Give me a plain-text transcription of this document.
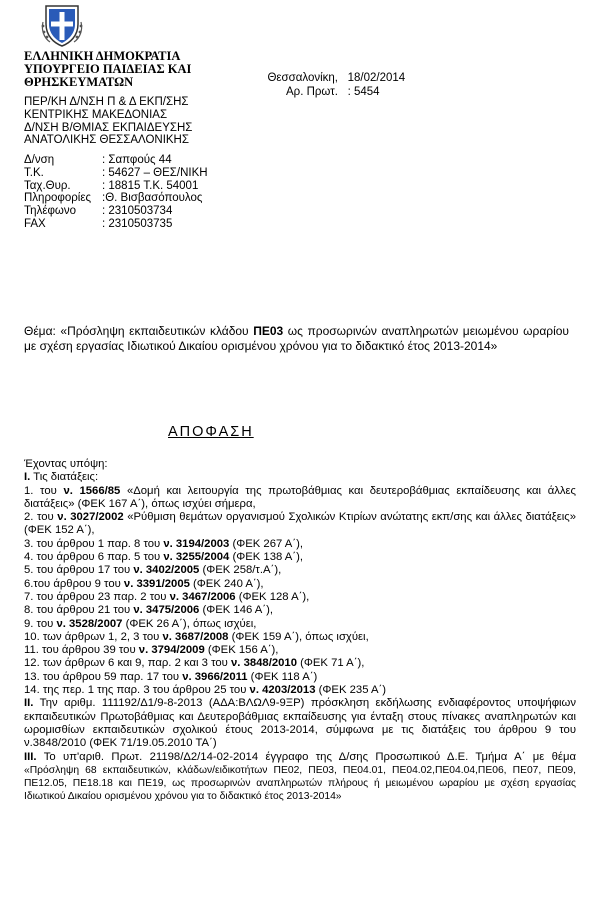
ΕΛΛΗΝΙΚΗ ΔΗΜΟΚΡΑΤΙΑ
ΥΠΟΥΡΓΕΙΟ ΠΑΙΔΕΙΑΣ ΚΑΙ
ΘΡΗΣΚΕΥΜΑΤΩΝ
ΠΕΡ/ΚΗ Δ/ΝΣΗ Π & Δ ΕΚΠ/ΣΗΣ
ΚΕΝΤΡΙΚΗΣ ΜΑΚΕΔΟΝΙΑΣ
Δ/ΝΣΗ Β/ΘΜΙΑΣ ΕΚΠΑΙΔΕΥΣΗΣ
ΑΝΑΤΟΛΙΚΗΣ ΘΕΣΣΑΛΟΝΙΚΗΣ
Δ/νση	: Σαπφούς 44
Τ.Κ.	: 54627 – ΘΕΣ/ΝΙΚΗ
Ταχ.Θυρ.	: 18815 Τ.Κ. 54001
Πληροφορίες :Θ. Βισβασόπουλος
Τηλέφωνο : 2310503734
FAX	: 2310503735
Θεσσαλονίκη, 18/02/2014
Αρ. Πρωτ. : 5454
Θέμα: «Πρόσληψη εκπαιδευτικών κλάδου ΠΕ03 ως προσωρινών αναπληρωτών μειωμένου ωραρίου με σχέση εργασίας Ιδιωτικού Δικαίου ορισμένου χρόνου για το διδακτικό έτος 2013-2014»
ΑΠΟΦΑΣΗ

Έχοντας υπόψη:

Ι. Τις διατάξεις:

1. του ν. 1566/85 «Δομή και λειτουργία της πρωτοβάθμιας και δευτεροβάθμιας εκπαίδευσης και άλλες διατάξεις» (ΦΕΚ 167 Α΄), όπως ισχύει σήμερα,

2. του ν. 3027/2002 «Ρύθμιση θεμάτων οργανισμού Σχολικών Κτιρίων ανώτατης εκπ/σης και άλλες διατάξεις» (ΦΕΚ 152 Α΄),

3. του άρθρου 1 παρ. 8 του ν. 3194/2003 (ΦΕΚ 267 Α΄),

4. του άρθρου 6 παρ. 5 του ν. 3255/2004 (ΦΕΚ 138 Α΄),

5. του άρθρου 17 του ν. 3402/2005 (ΦΕΚ 258/τ.Α΄),

6.του άρθρου 9 του ν. 3391/2005 (ΦΕΚ 240 Α΄),

7. του άρθρου 23 παρ. 2 του ν. 3467/2006 (ΦΕΚ 128 Α΄),

8. του άρθρου 21 του ν. 3475/2006 (ΦΕΚ 146 Α΄),

9. του ν. 3528/2007 (ΦΕΚ 26 Α΄), όπως ισχύει,

10. των άρθρων 1, 2, 3 του ν. 3687/2008 (ΦΕΚ 159 Α΄), όπως ισχύει,

11. του άρθρου 39 του ν. 3794/2009 (ΦΕΚ 156 Α΄),

12. των άρθρων 6 και 9, παρ. 2 και 3 του ν. 3848/2010 (ΦΕΚ 71 Α΄),

13. του άρθρου 59 παρ. 17 του ν. 3966/2011 (ΦΕΚ 118 Α΄)

14. της περ. 1 της παρ. 3 του άρθρου 25 του ν. 4203/2013 (ΦΕΚ 235 Α΄)

ΙΙ. Την αριθμ. 111192/Δ1/9-8-2013 (ΑΔΑ:ΒΛΩΛ9-9ΞΡ) πρόσκληση εκδήλωσης ενδιαφέροντος υποψήφιων εκπαιδευτικών Πρωτοβάθμιας και Δευτεροβάθμιας εκπαίδευσης για ένταξη στους πίνακες αναπληρωτών και ωρομισθίων εκπαιδευτικών σχολικού έτους 2013-2014, σύμφωνα με τις διατάξεις του άρθρου 9 του ν.3848/2010 (ΦΕΚ 71/19.05.2010 ΤΑ΄)

ΙΙΙ. Το υπ'αριθ. Πρωτ. 21198/Δ2/14-02-2014 έγγραφο της Δ/σης Προσωπικού Δ.Ε. Τμήμα Α΄ με θέμα «Πρόσληψη 68 εκπαιδευτικών, κλάδων/ειδικοτήτων ΠΕ02, ΠΕ03, ΠΕ04.01, ΠΕ04.02,ΠΕ04.04,ΠΕ06, ΠΕ07, ΠΕ09, ΠΕ12.05, ΠΕ18.18 και ΠΕ19, ως προσωρινών αναπληρωτών πλήρους ή μειωμένου ωραρίου με σχέση εργασίας Ιδιωτικού Δικαίου ορισμένου χρόνου για το διδακτικό έτος 2013-2014»
